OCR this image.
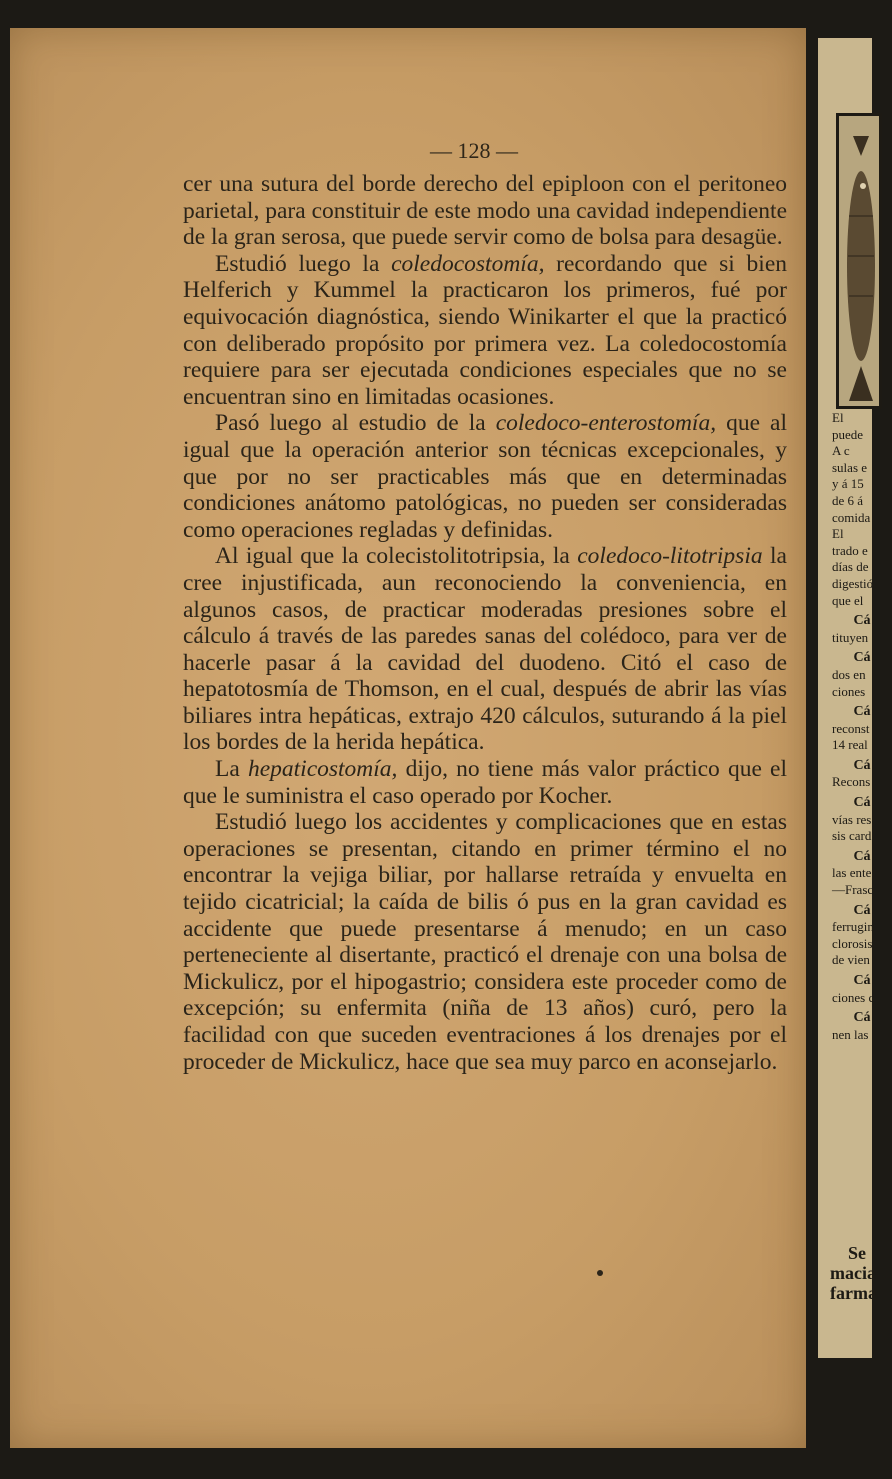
— 128 —

cer una sutura del borde derecho del epiploon con el peritoneo parietal, para constituir de este modo una cavidad independiente de la gran serosa, que puede servir como de bolsa para desagüe.

Estudió luego la coledocostomía, recordando que si bien Helferich y Kummel la practicaron los primeros, fué por equivocación diagnóstica, siendo Winikarter el que la practicó con deliberado propósito por primera vez. La coledocostomía requiere para ser ejecutada condiciones especiales que no se encuentran sino en limitadas ocasiones.

Pasó luego al estudio de la coledoco-enterostomía, que al igual que la operación anterior son técnicas excepcionales, y que por no ser practicables más que en determinadas condiciones anátomo patológicas, no pueden ser consideradas como operaciones regladas y definidas.

Al igual que la colecistolitotripsia, la coledoco-litotripsia la cree injustificada, aun reconociendo la conveniencia, en algunos casos, de practicar moderadas presiones sobre el cálculo á través de las paredes sanas del colédoco, para ver de hacerle pasar á la cavidad del duodeno. Citó el caso de hepatotosmía de Thomson, en el cual, después de abrir las vías biliares intra hepáticas, extrajo 420 cálculos, suturando á la piel los bordes de la herida hepática.

La hepaticostomía, dijo, no tiene más valor práctico que el que le suministra el caso operado por Kocher.

Estudió luego los accidentes y complicaciones que en estas operaciones se presentan, citando en primer término el no encontrar la vejiga biliar, por hallarse retraída y envuelta en tejido cicatricial; la caída de bilis ó pus en la gran cavidad es accidente que puede presentarse á menudo; en un caso perteneciente al disertante, practicó el drenaje con una bolsa de Mickulicz, por el hipogastrio; considera este proceder como de excepción; su enfermita (niña de 13 años) curó, pero la facilidad con que suceden eventraciones á los drenajes por el proceder de Mickulicz, hace que sea muy parco en aconsejarlo.

El
puede
A c
sulas e
y á 15
de 6 á
comida
El
trado e
días de
digestió
que el
Cá
tituyen
Cá
dos en
ciones
Cá
reconst
14 real
Cá
Recons
Cá
vías res
sis card
Cá
las ente
—Frasc
Cá
ferrugin
clorosis
de vien
Cá
ciones c
Cá
nen las
Se
macia
farma
